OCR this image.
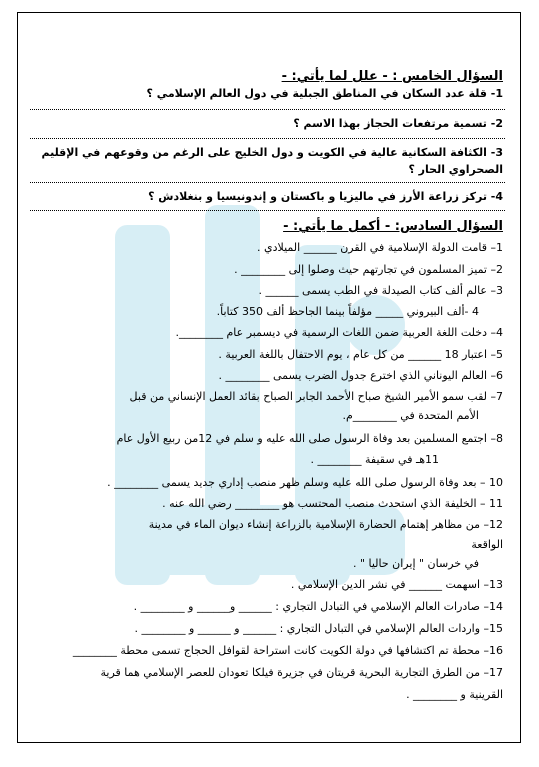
السؤال الخامس : - علل لما يأتي: -
1- قلة عدد السكان في المناطق الجبلية في دول العالم الإسلامي ؟
2- تسمية مرتفعات الحجاز بهذا الاسم ؟
3- الكثافة السكانية عالية في الكويت و دول الخليج على الرغم من وقوعهم في الإقليم
الصحراوي الحار ؟
4- تركز زراعة الأرز في ماليزيا و باكستان و إندونيسيا و بنغلادش ؟
السؤال السادس: - أكمل ما يأتي: -
1– قامت الدولة الإسلامية في القرن ______ الميلادي .
2– تميز المسلمون في تجارتهم حيث وصلوا إلى ________ .
3– عالم ألف كتاب الصيدلة في الطب يسمى ______ .
4 -ألف البيروني _____ مؤلفاً بينما الجاحظ ألف 350 كتاباً.
4– دخلت اللغة العربية ضمن اللغات الرسمية في ديسمبر عام ________.
5– اعتبار 18 ______ من كل عام ، يوم الاحتفال باللغة العربية .
6– العالم اليوناني الذي اخترع جدول الضرب يسمى ________ .
7– لقب سمو الأمير الشيخ صباح الأحمد الجابر الصباح بقائد العمل الإنساني من قبل
الأمم المتحدة في ________م.
8– اجتمع المسلمين بعد وفاة الرسول صلى الله عليه و سلم في 12من ربيع الأول عام
11هـ في سقيفة ________ .
10 – بعد وفاة الرسول صلى الله عليه وسلم ظهر منصب إداري جديد يسمى ________ .
11 – الخليفة الذي استحدث منصب المحتسب هو ________ رضي الله عنه .
12– من مظاهر إهتمام الحضارة الإسلامية بالزراعة إنشاء ديوان الماء في مدينة
الواقعة
في خرسان " إيران حاليا " .
13– اسهمت ______ في نشر الدين الإسلامي .
14– صادرات العالم الإسلامي في التبادل التجاري : ______ و______ و ________ .
15– واردات العالم الإسلامي في التبادل التجاري : ______ و ______ و ________ .
16– محطة تم اكتشافها في دولة الكويت كانت استراحة لقوافل الحجاج تسمى محطة ________
17– من الطرق التجارية البحرية قريتان في جزيرة فيلكا تعودان للعصر الإسلامي هما قرية
القرينية و ________ .
